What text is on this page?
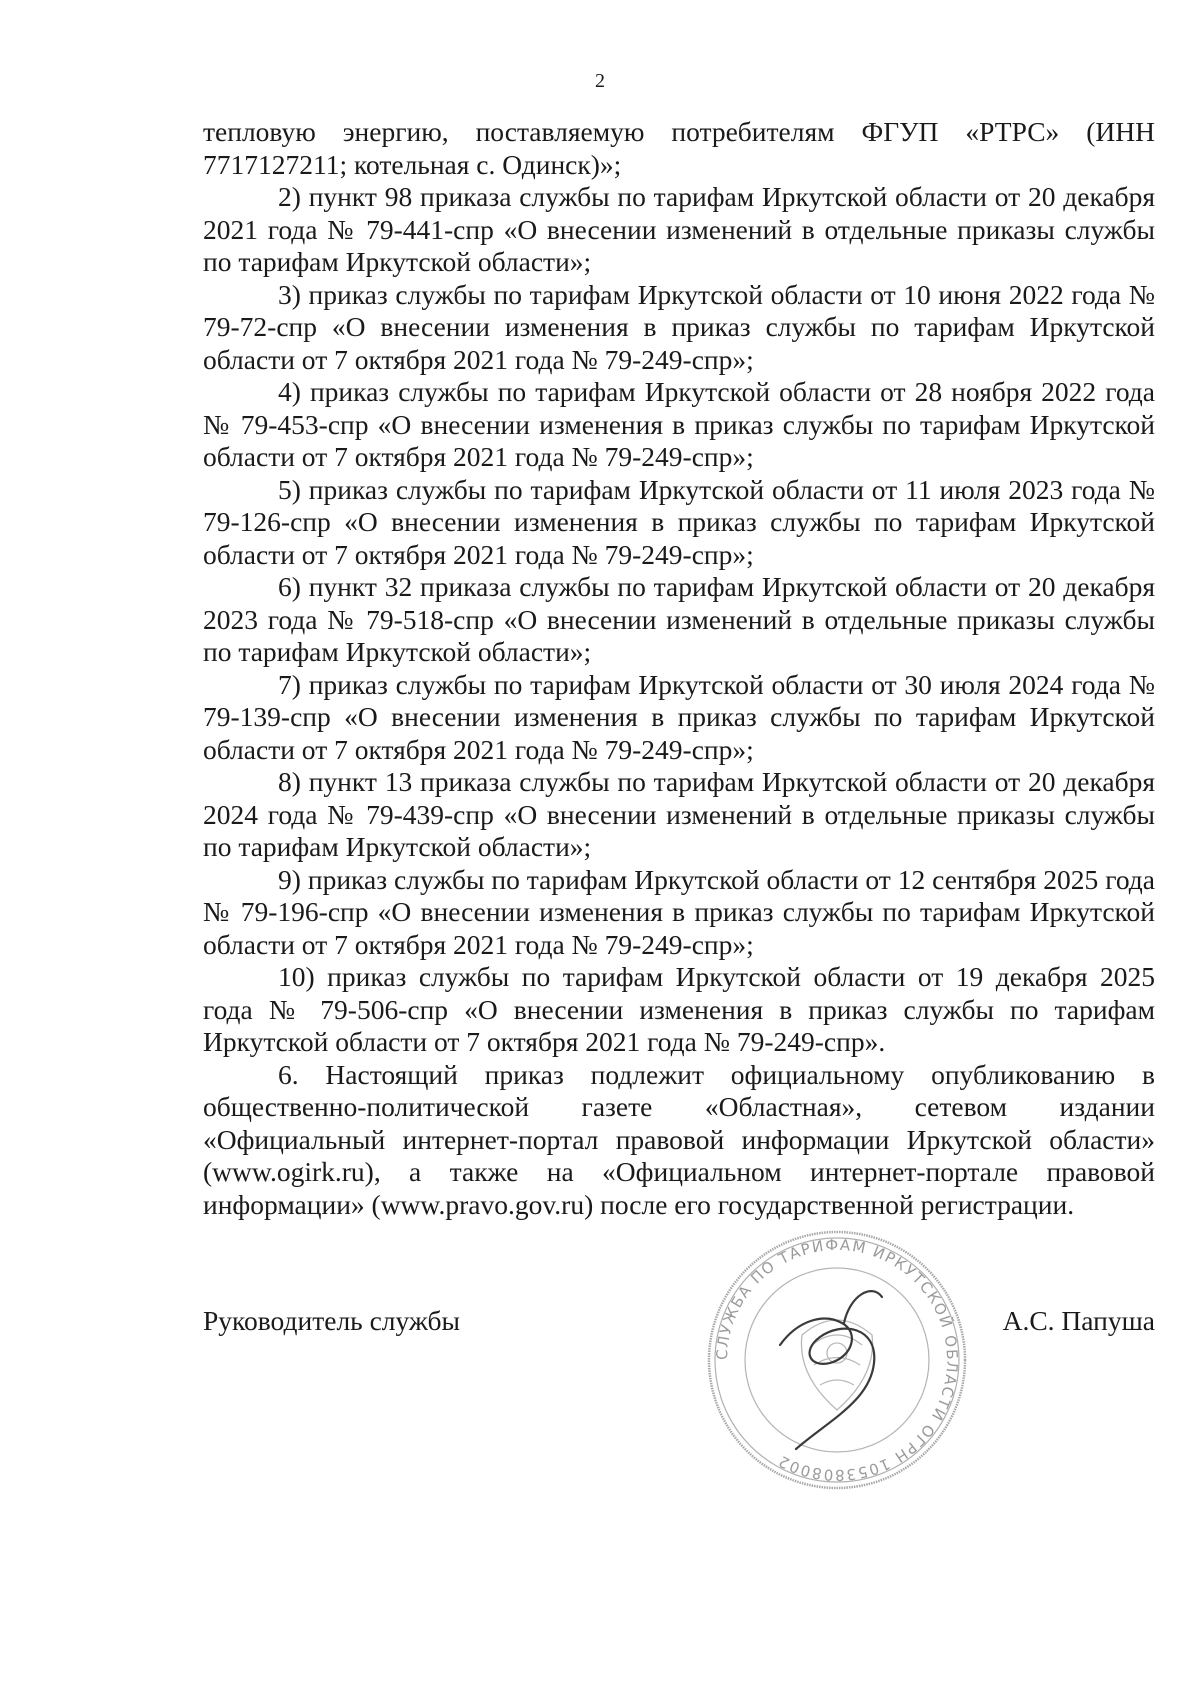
2

тепловую энергию, поставляемую потребителям ФГУП «РТРС» (ИНН 7717127211; котельная с. Одинск)»;

2) пункт 98 приказа службы по тарифам Иркутской области от 20 декабря 2021 года № 79-441-спр «О внесении изменений в отдельные приказы службы по тарифам Иркутской области»;

3) приказ службы по тарифам Иркутской области от 10 июня 2022 года № 79-72-спр «О внесении изменения в приказ службы по тарифам Иркутской области от 7 октября 2021 года № 79-249-спр»;

4) приказ службы по тарифам Иркутской области от 28 ноября 2022 года № 79-453-спр «О внесении изменения в приказ службы по тарифам Иркутской области от 7 октября 2021 года № 79-249-спр»;

5) приказ службы по тарифам Иркутской области от 11 июля 2023 года № 79-126-спр «О внесении изменения в приказ службы по тарифам Иркутской области от 7 октября 2021 года № 79-249-спр»;

6) пункт 32 приказа службы по тарифам Иркутской области от 20 декабря 2023 года № 79-518-спр «О внесении изменений в отдельные приказы службы по тарифам Иркутской области»;

7) приказ службы по тарифам Иркутской области от 30 июля 2024 года № 79-139-спр «О внесении изменения в приказ службы по тарифам Иркутской области от 7 октября 2021 года № 79-249-спр»;

8) пункт 13 приказа службы по тарифам Иркутской области от 20 декабря 2024 года № 79-439-спр «О внесении изменений в отдельные приказы службы по тарифам Иркутской области»;

9) приказ службы по тарифам Иркутской области от 12 сентября 2025 года № 79-196-спр «О внесении изменения в приказ службы по тарифам Иркутской области от 7 октября 2021 года № 79-249-спр»;

10) приказ службы по тарифам Иркутской области от 19 декабря 2025 года № 79-506-спр «О внесении изменения в приказ службы по тарифам Иркутской области от 7 октября 2021 года № 79-249-спр».

6. Настоящий приказ подлежит официальному опубликованию в общественно-политической газете «Областная», сетевом издании «Официальный интернет-портал правовой информации Иркутской области» (www.ogirk.ru), а также на «Официальном интернет-портале правовой информации» (www.pravo.gov.ru) после его государственной регистрации.

Руководитель службы	А.С. Папуша
СЛУЖБА ПО ТАРИФАМ ИРКУТСКОЙ ОБЛАСТИ ОГРН 1053808002
